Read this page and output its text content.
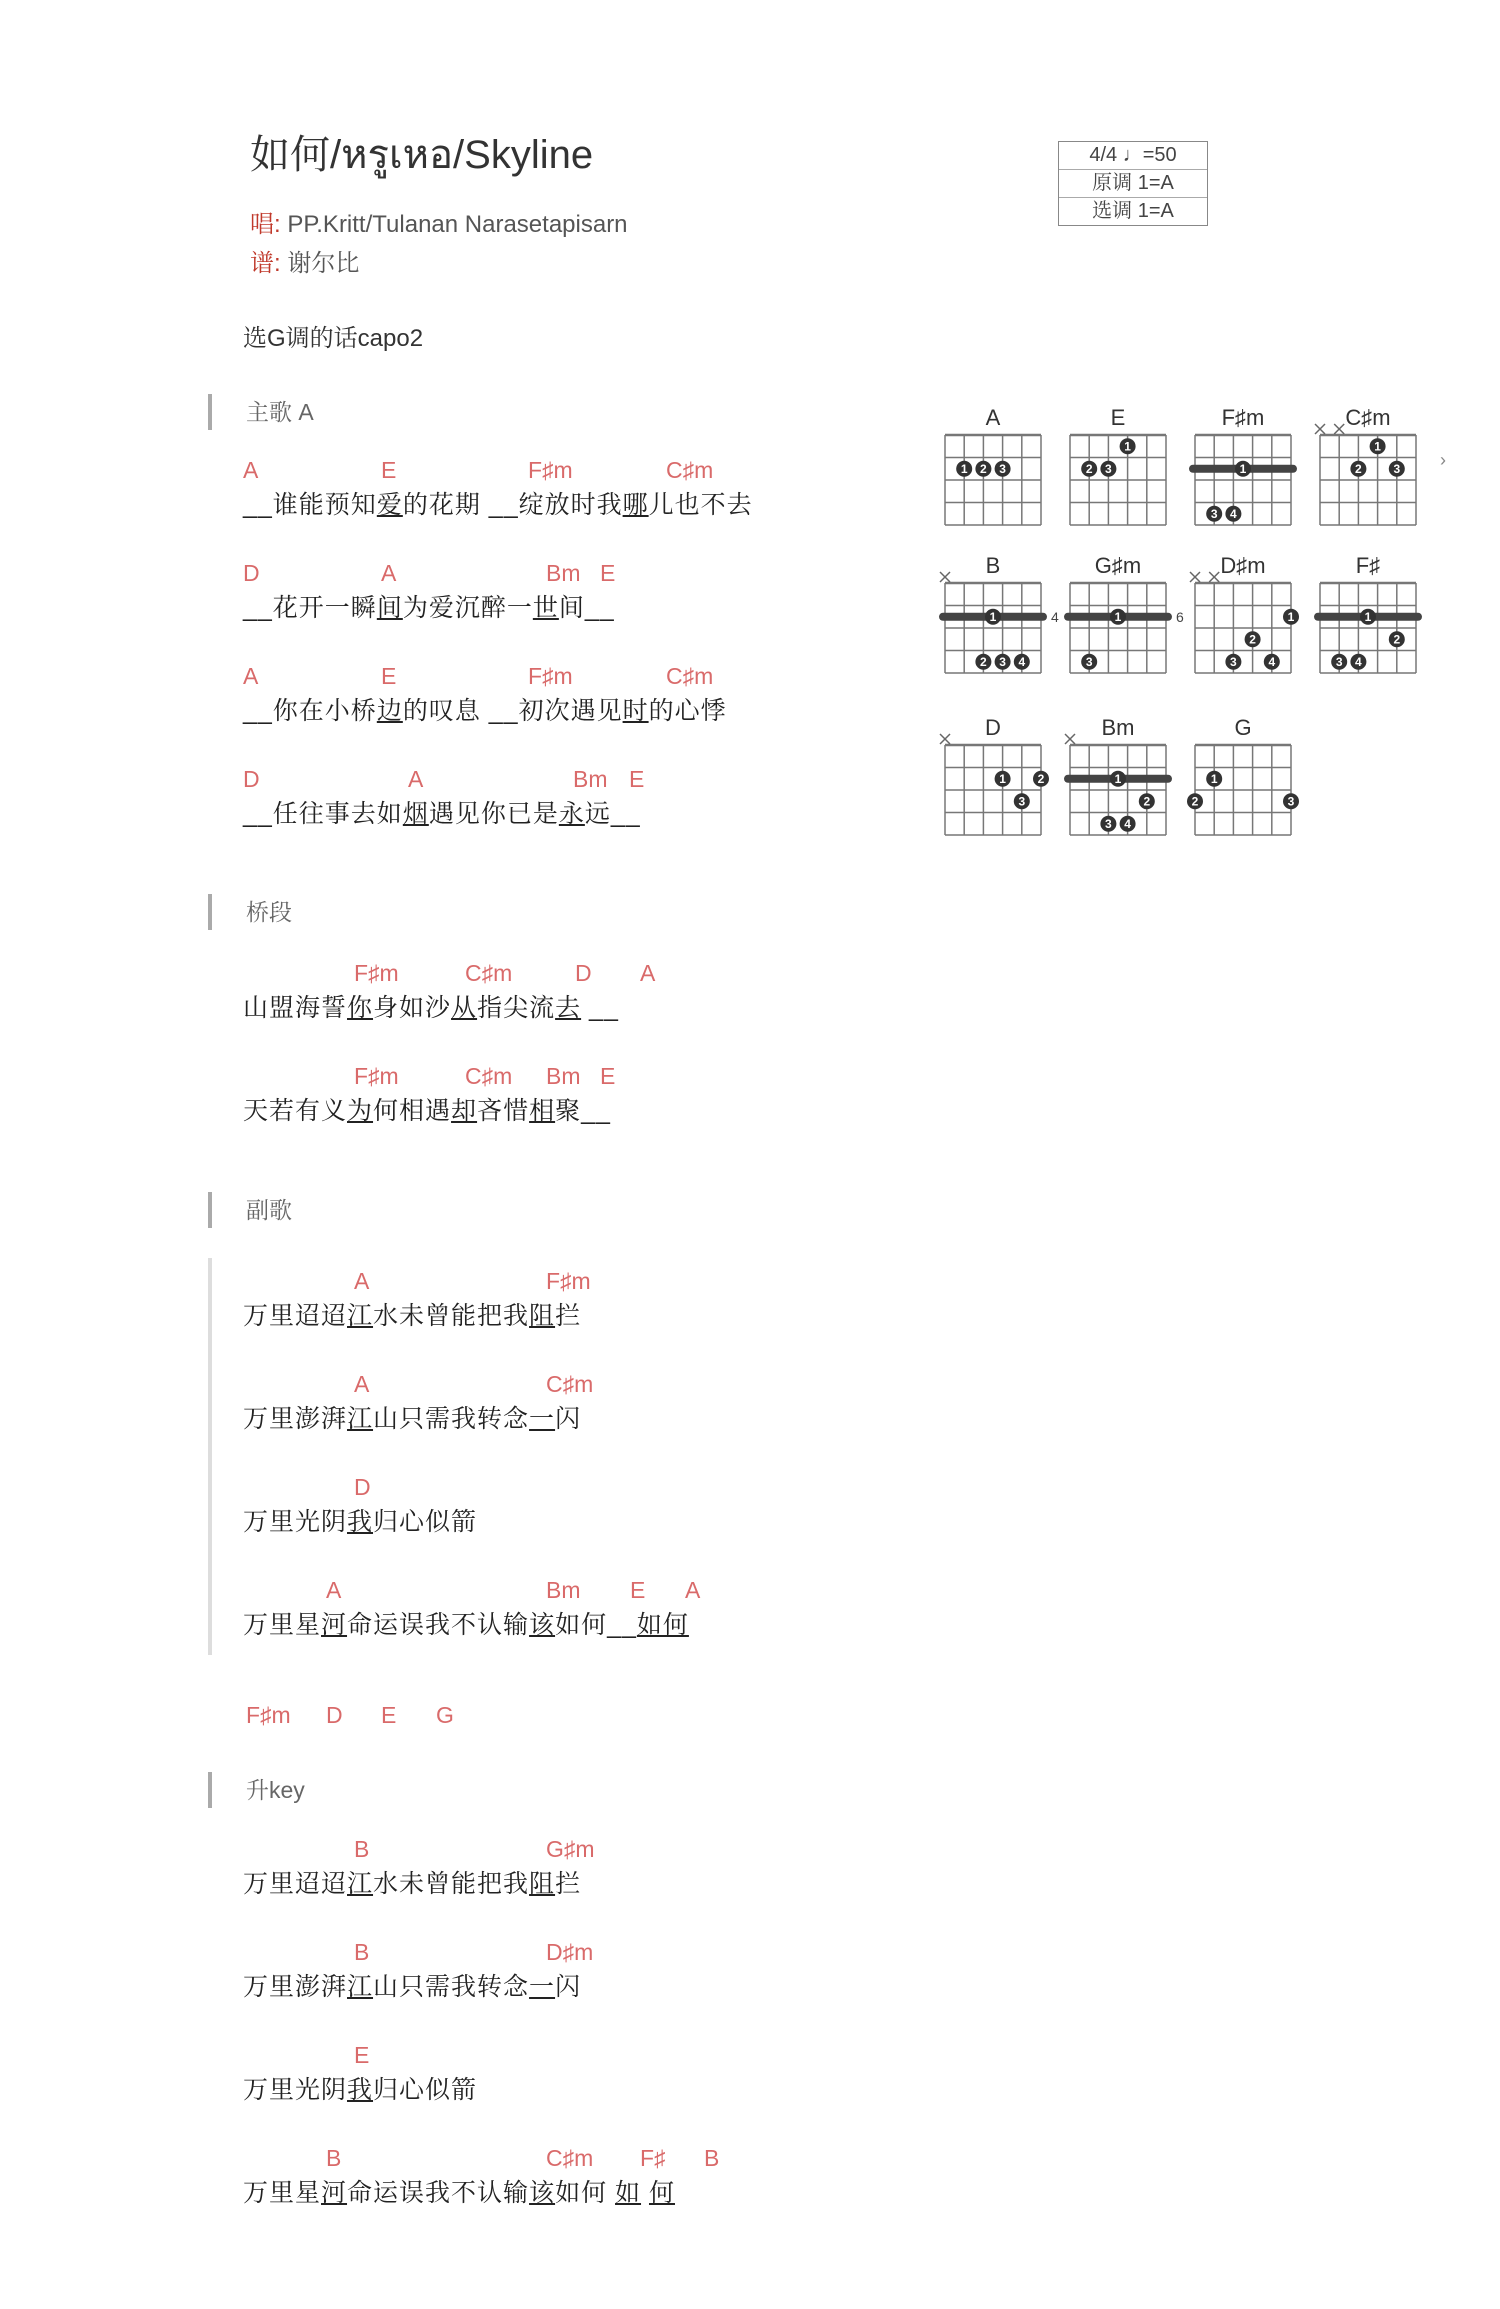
如何/หรูเหอ/Skyline
唱: PP.Kritt/Tulanan Narasetapisarn
谱: 谢尔比
选G调的话capo2
4/4 ♩=50
原调 1=A
选调 1=A
›
主歌 A
A	E	F♯m	C♯m
__谁能预知爱的花期 __绽放时我哪儿也不去
D	A	Bm E
__花开一瞬间为爱沉醉一世间__
A	E	F♯m	C♯m
__你在小桥边的叹息 __初次遇见时的心悸
D	A	Bm E
__任往事去如烟遇见你已是永远__
桥段
F♯m	C♯m	D A
山盟海誓你身如沙从指尖流去 __
F♯m	C♯m Bm E
天若有义为何相遇却吝惜相聚__
副歌
A	F♯m
万里迢迢江水未曾能把我阻拦
A	C♯m
万里澎湃江山只需我转念一闪
D
万里光阴我归心似箭
A	Bm E A
万里星河命运误我不认输该如何__如何
F♯m D E G
升key
B	G♯m
万里迢迢江水未曾能把我阻拦
B	D♯m
万里澎湃江山只需我转念一闪
E
万里光阴我归心似箭
B	C♯m F♯ B
万里星河命运误我不认输该如何 如 何
A
1 2 3
E
1
2 3
F♯m
1
3 4
C♯m
1
2	3
B
4
1
2 3 4
G♯m
6
1
3
D♯m
1
2
3	4
F♯
1
2
3 4
D
1	2
3
Bm
1
2
3 4
G
1
2	3
